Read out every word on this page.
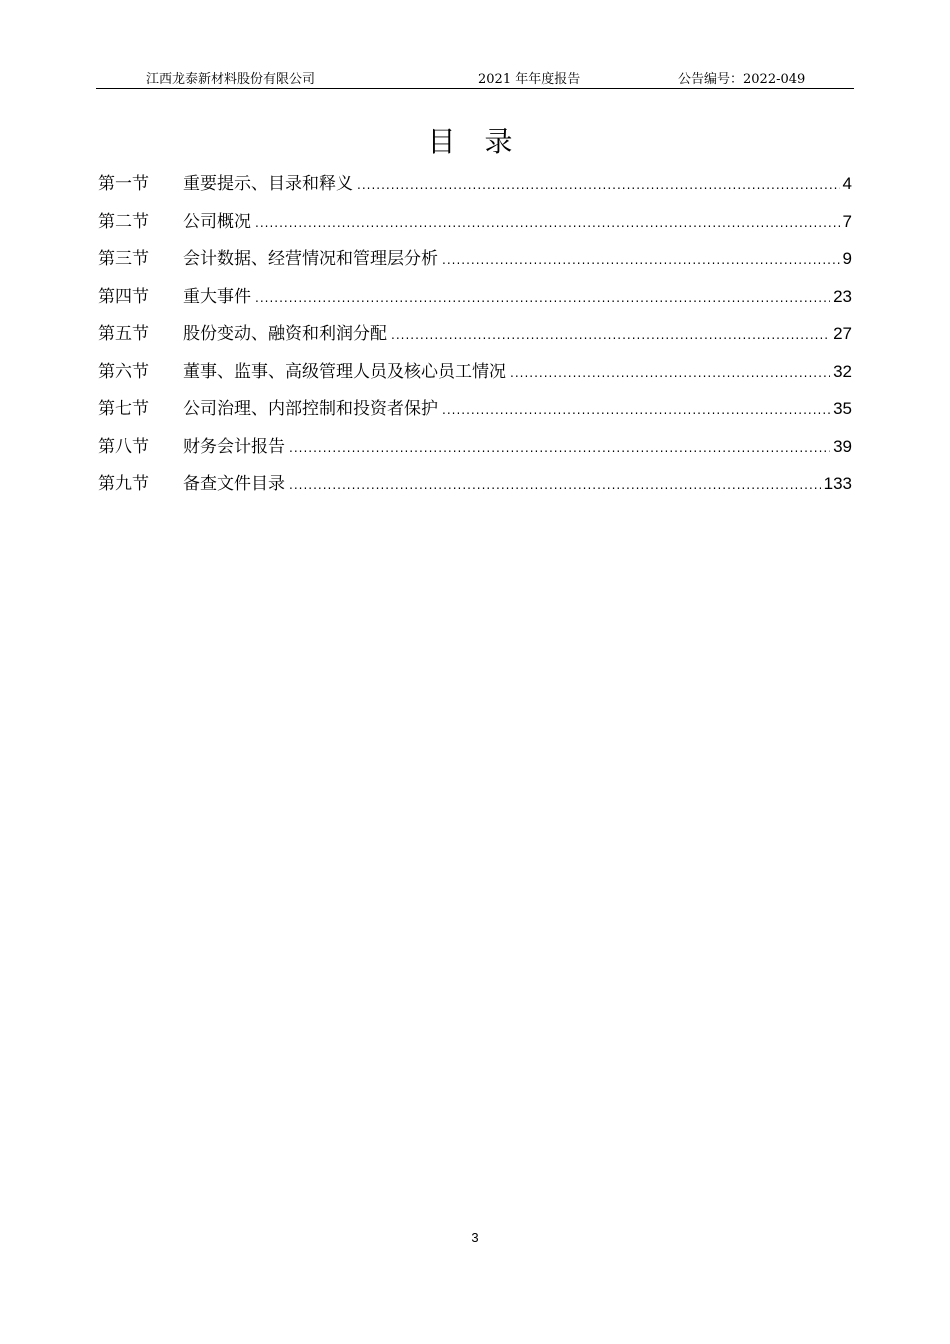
江西龙泰新材料股份有限公司	2021 年年度报告	公告编号：2022-049
目 录
第一节	重要提示、目录和释义 .....	4
第二节	公司概况 .....	7
第三节	会计数据、经营情况和管理层分析 .....	9
第四节	重大事件 .....	23
第五节	股份变动、融资和利润分配 .....	27
第六节	董事、监事、高级管理人员及核心员工情况 .....	32
第七节	公司治理、内部控制和投资者保护 .....	35
第八节	财务会计报告 .....	39
第九节	备查文件目录 .....	133
3
